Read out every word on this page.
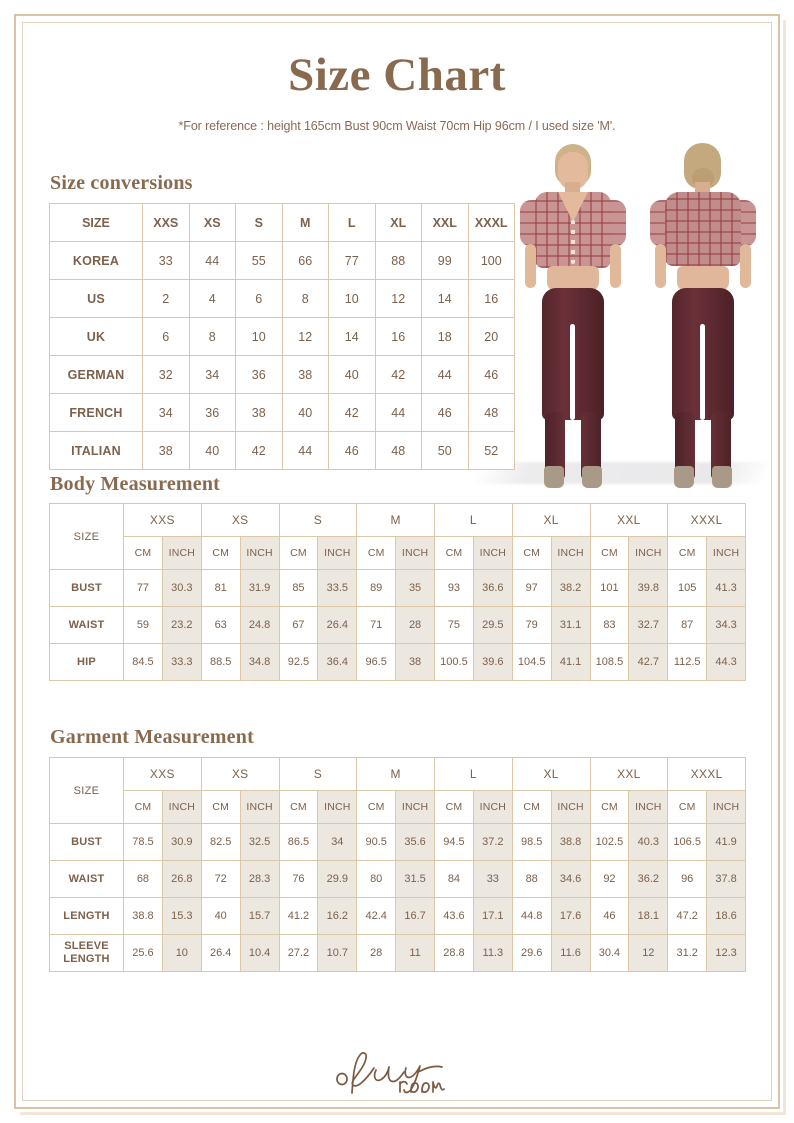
Size Chart
*For reference : height 165cm Bust 90cm Waist 70cm Hip 96cm / I used size 'M'.
Size conversions
SIZE	XXS	XS	S	M	L	XL	XXL	XXXL
KOREA	33	44	55	66	77	88	99	100
US	2	4	6	8	10	12	14	16
UK	6	8	10	12	14	16	18	20
GERMAN	32	34	36	38	40	42	44	46
FRENCH	34	36	38	40	42	44	46	48
ITALIAN	38	40	42	44	46	48	50	52
Body Measurement
SIZE	XXS		XS		S		M		L		XL		XXL		XXXL	
	CM	INCH	CM	INCH	CM	INCH	CM	INCH	CM	INCH	CM	INCH	CM	INCH	CM	INCH
BUST	77	30.3	81	31.9	85	33.5	89	35	93	36.6	97	38.2	101	39.8	105	41.3
WAIST	59	23.2	63	24.8	67	26.4	71	28	75	29.5	79	31.1	83	32.7	87	34.3
HIP	84.5	33.3	88.5	34.8	92.5	36.4	96.5	38	100.5	39.6	104.5	41.1	108.5	42.7	112.5	44.3
Garment Measurement
SIZE	XXS		XS		S		M		L		XL		XXL		XXXL	
	CM	INCH	CM	INCH	CM	INCH	CM	INCH	CM	INCH	CM	INCH	CM	INCH	CM	INCH
BUST	78.5	30.9	82.5	32.5	86.5	34	90.5	35.6	94.5	37.2	98.5	38.8	102.5	40.3	106.5	41.9
WAIST	68	26.8	72	28.3	76	29.9	80	31.5	84	33	88	34.6	92	36.2	96	37.8
LENGTH	38.8	15.3	40	15.7	41.2	16.2	42.4	16.7	43.6	17.1	44.8	17.6	46	18.1	47.2	18.6
SLEEVE LENGTH	25.6	10	26.4	10.4	27.2	10.7	28	11	28.8	11.3	29.6	11.6	30.4	12	31.2	12.3
